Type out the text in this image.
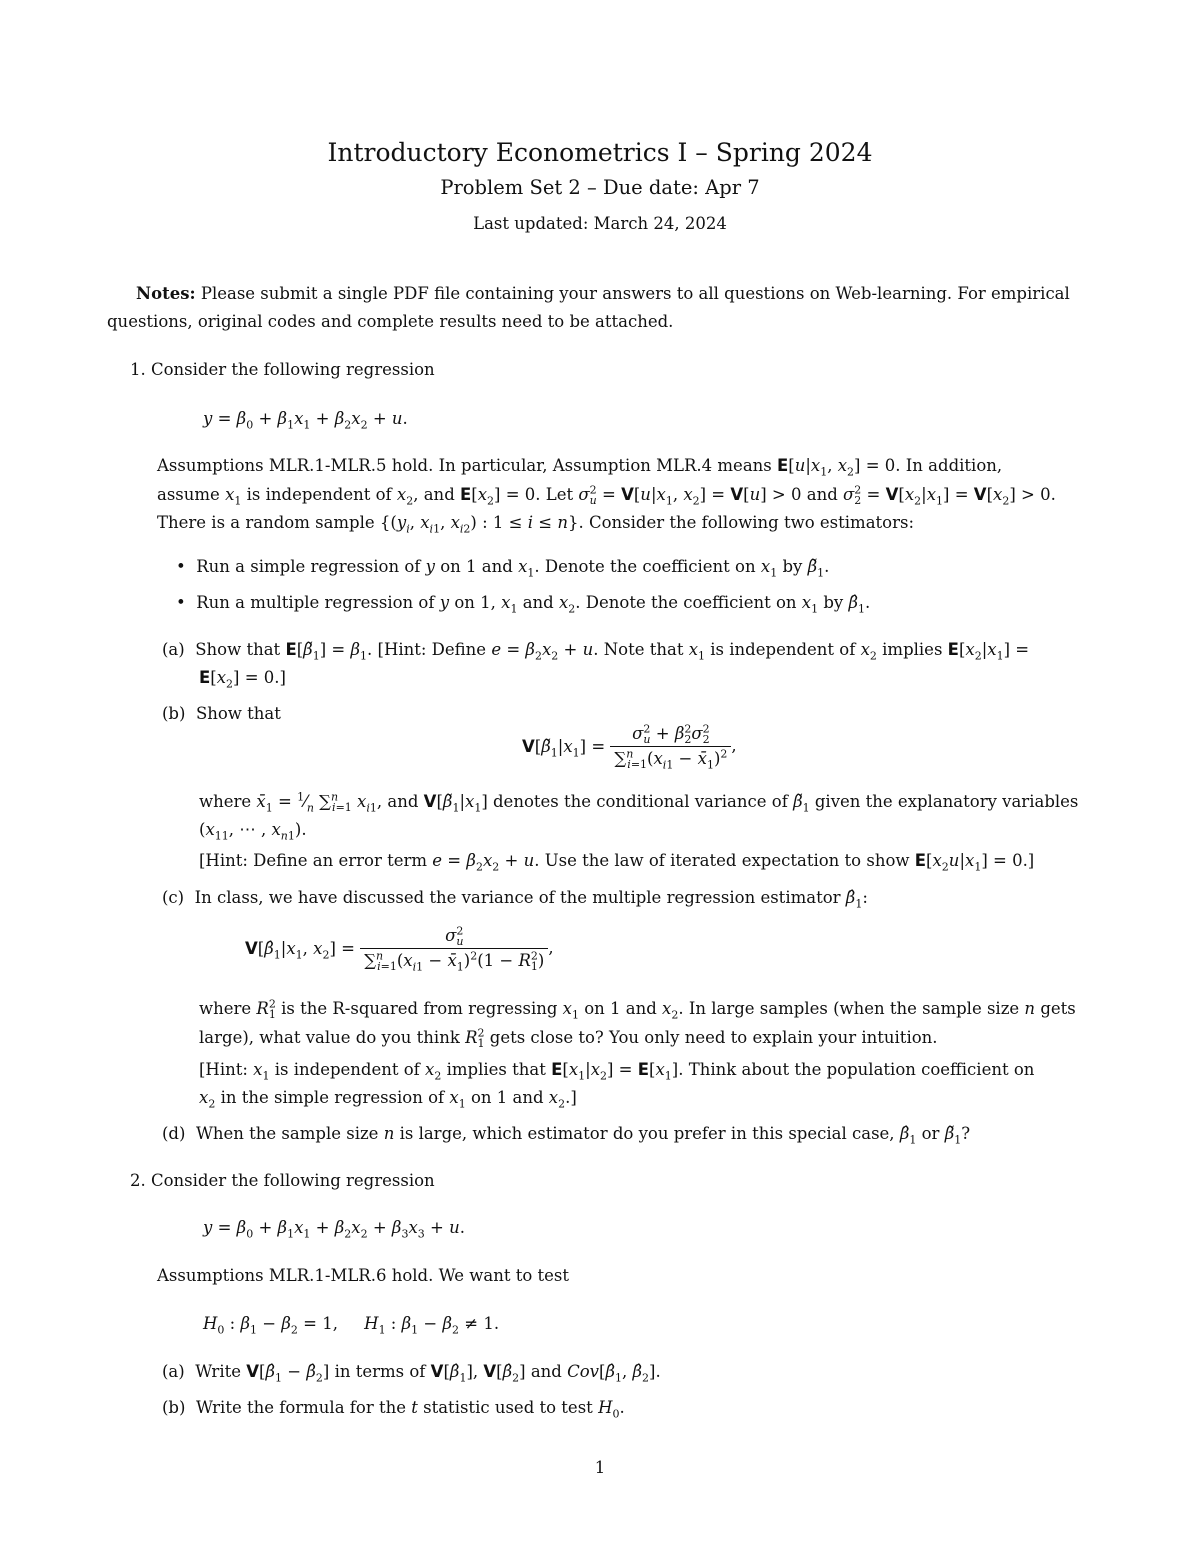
Introductory Econometrics I – Spring 2024
Problem Set 2 – Due date: Apr 7
Last updated: March 24, 2024
Notes: Please submit a single PDF file containing your answers to all questions on Web-learning. For empirical
questions, original codes and complete results need to be attached.
1. Consider the following regression
$y = \beta_0 + \beta_1x_1 + \beta_2x_2 + u$.
Assumptions MLR.1-MLR.5 hold. In particular, Assumption MLR.4 means $E[u|x_1$, $x_2] = 0$. In addition,
assume $x_1$ is independent of $x_2$, and $E[x_2] = 0$. Let $\sigma^2_u = V[u|x_1$, $x_2] = V[u] > 0$ and $\sigma^2_2 = V[x_2|x_1] = V[x_2] > 0$.
There is a random sample {($y_i$, $x_{i1}$, $x_{i2}$) : 1 ≤ i ≤ n}. Consider the following two estimators:
• Run a simple regression of y on 1 and $x_1$. Denote the coefficient on $x_1$ by $\betã_1$.
• Run a multiple regression of y on 1, $x_1$ and $x_2$. Denote the coefficient on $x_1$ by $\betâ_1$.
(a) Show that $E[\betã_1] = \beta_1$. [Hint: Define $e = \beta_2x_2 + u$. Note that $x_1$ is independent of $x_2$ implies $E[x_2|x_1]$ =
$E[x_2] = 0$.]
(b) Show that
$V[\betã_1|x_1] = \frac{\sigma^2_u + \beta^2_2\sigma^2_2}{\sum^n_{i=1}(x_{i1} - x̄_1)^2}$ ,
where $x̄_1$ = $^1⁄_n$ ∑$^n_{i=1}$ $x_{i1}$, and $V[\betã_1|x_1]$ denotes the conditional variance of $\betã_1$ given the explanatory variables
($x_{11}$, ⋯ , $x_{n1}$).
[Hint: Define an error term $e = \beta_2x_2 + u$. Use the law of iterated expectation to show $E[x_2u|x_1] = 0$.]
(c) In class, we have discussed the variance of the multiple regression estimator $\betâ_1$:
$V[\betâ_1|x_1$, $x_2] = \frac{\sigma^2_u}{\sum^n_{i=1}(x_{i1} - x̄_1)^2(1 - R^2_1)}$ ,
where $R^2_1$ is the R-squared from regressing $x_1$ on 1 and $x_2$. In large samples (when the sample size n gets
large), what value do you think $R^2_1$ gets close to? You only need to explain your intuition.
[Hint: $x_1$ is independent of $x_2$ implies that $E[x_1|x_2] = E[x_1]$. Think about the population coefficient on
$x_2$ in the simple regression of $x_1$ on 1 and $x_2$.]
(d) When the sample size n is large, which estimator do you prefer in this special case, $\betâ_1$ or $\betã_1$?
2. Consider the following regression
$y = \beta_0 + \beta_1x_1 + \beta_2x_2 + \beta_3x_3 + u$.
Assumptions MLR.1-MLR.6 hold. We want to test
$H_0$ : $\beta_1 - \beta_2 = 1$,     $H_1$ : $\beta_1 - \beta_2 \ne 1$.
(a) Write $V[\betâ_1$ − $\betâ_2$] in terms of $V[\betâ_1]$, $V[\betâ_2]$ and $Cov[\betâ_1$, $\betâ_2$].
(b) Write the formula for the t statistic used to test $H_0$.
1
